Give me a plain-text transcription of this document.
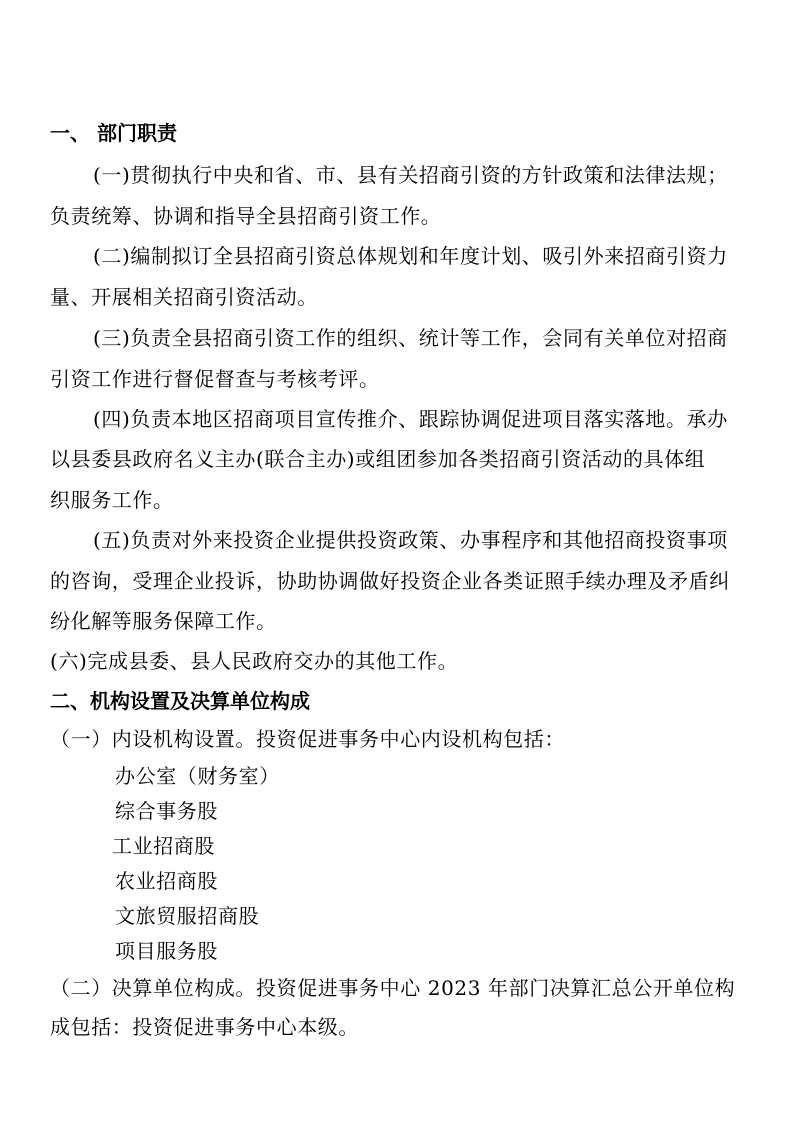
一、 部门职责
(一)贯彻执行中央和省、市、县有关招商引资的方针政策和法律法规；
负责统筹、协调和指导全县招商引资工作。
(二)编制拟订全县招商引资总体规划和年度计划、吸引外来招商引资力
量、开展相关招商引资活动。
(三)负责全县招商引资工作的组织、统计等工作，会同有关单位对招商
引资工作进行督促督查与考核考评。
(四)负责本地区招商项目宣传推介、跟踪协调促进项目落实落地。承办
以县委县政府名义主办(联合主办)或组团参加各类招商引资活动的具体组
织服务工作。
(五)负责对外来投资企业提供投资政策、办事程序和其他招商投资事项
的咨询，受理企业投诉，协助协调做好投资企业各类证照手续办理及矛盾纠
纷化解等服务保障工作。
(六)完成县委、县人民政府交办的其他工作。
二、机构设置及决算单位构成
（一）内设机构设置。投资促进事务中心内设机构包括：
办公室（财务室）
综合事务股
工业招商股
农业招商股
文旅贸服招商股
项目服务股
（二）决算单位构成。投资促进事务中心 2023 年部门决算汇总公开单位构
成包括：投资促进事务中心本级。
